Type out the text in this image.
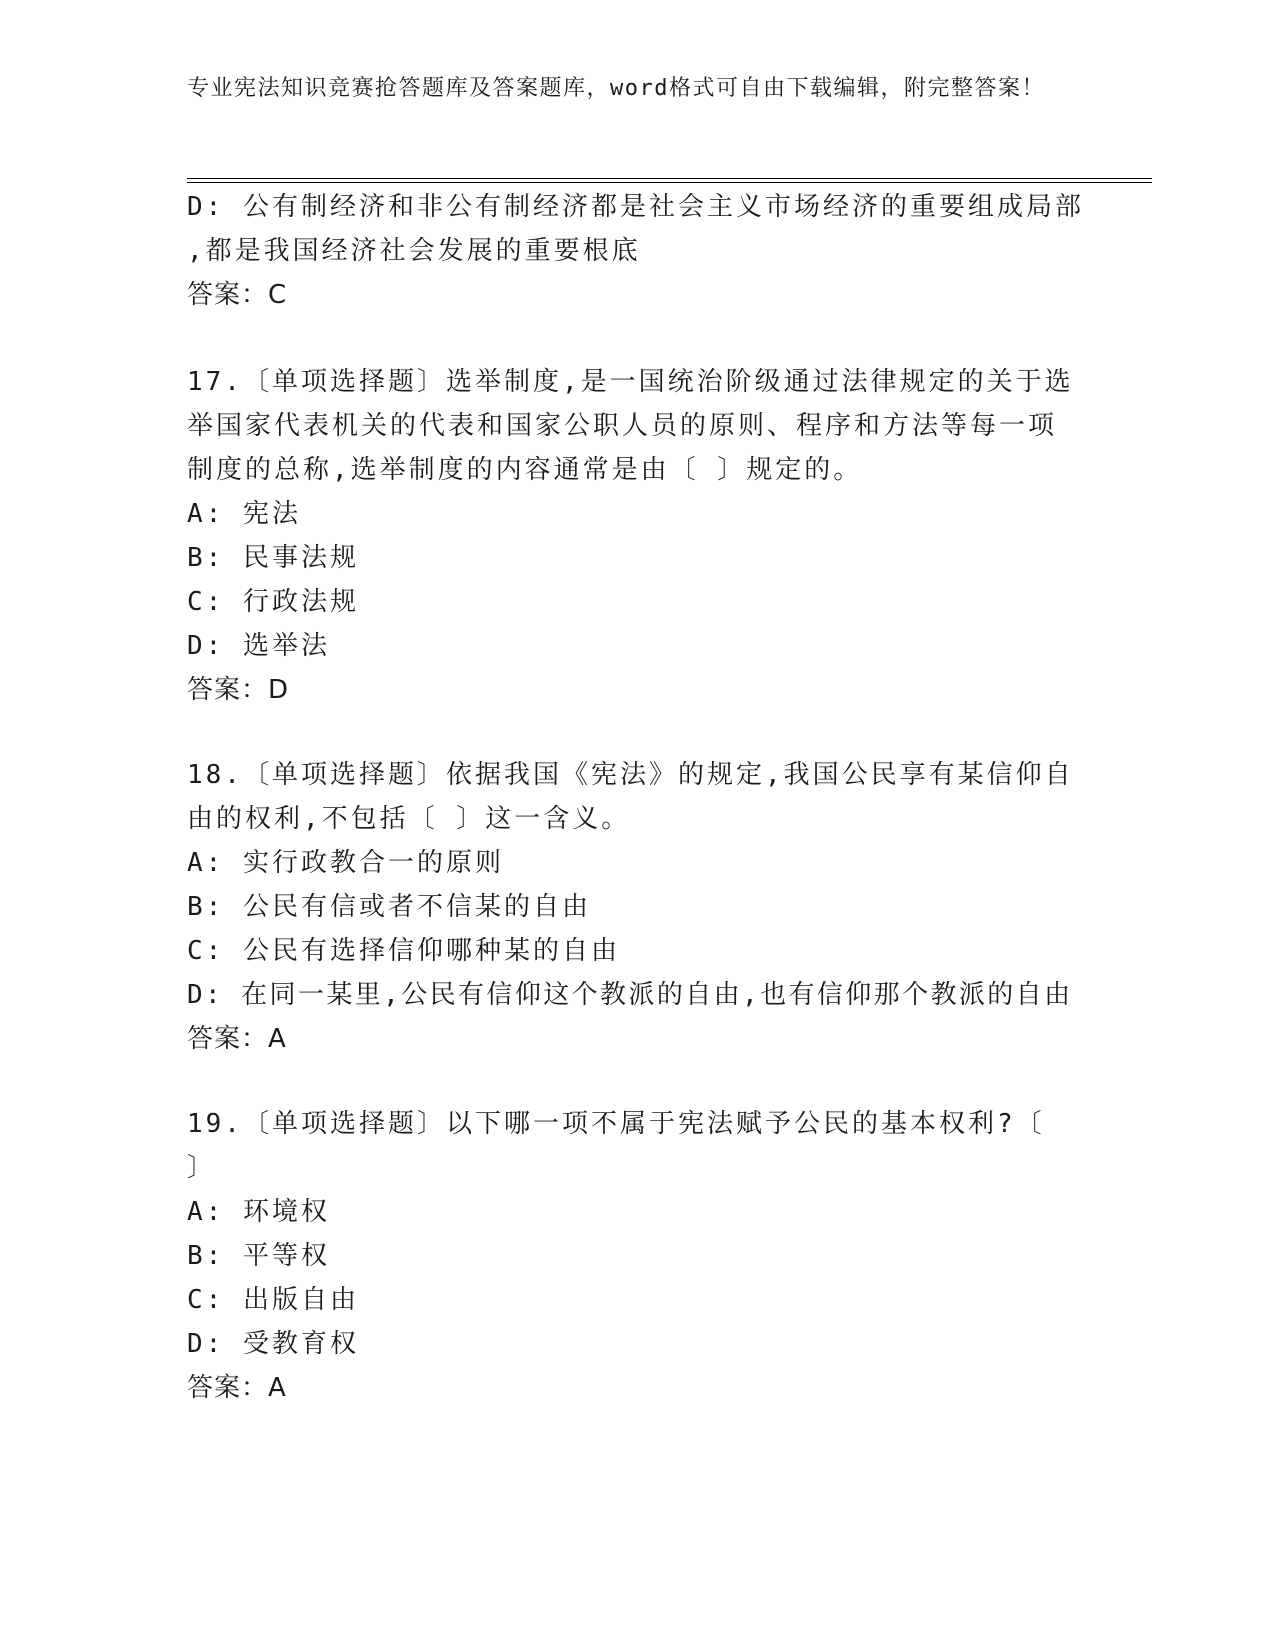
专业宪法知识竞赛抢答题库及答案题库，word格式可自由下载编辑，附完整答案！
D: 公有制经济和非公有制经济都是社会主义市场经济的重要组成局部
,都是我国经济社会发展的重要根底
答案：C
17.〔单项选择题〕选举制度,是一国统治阶级通过法律规定的关于选
举国家代表机关的代表和国家公职人员的原则、程序和方法等每一项
制度的总称,选举制度的内容通常是由〔 〕规定的。
A: 宪法
B: 民事法规
C: 行政法规
D: 选举法
答案：D
18.〔单项选择题〕依据我国《宪法》的规定,我国公民享有某信仰自
由的权利,不包括〔 〕这一含义。
A: 实行政教合一的原则
B: 公民有信或者不信某的自由
C: 公民有选择信仰哪种某的自由
D: 在同一某里,公民有信仰这个教派的自由,也有信仰那个教派的自由
答案：A
19.〔单项选择题〕以下哪一项不属于宪法赋予公民的基本权利?〔
〕
A: 环境权
B: 平等权
C: 出版自由
D: 受教育权
答案：A
